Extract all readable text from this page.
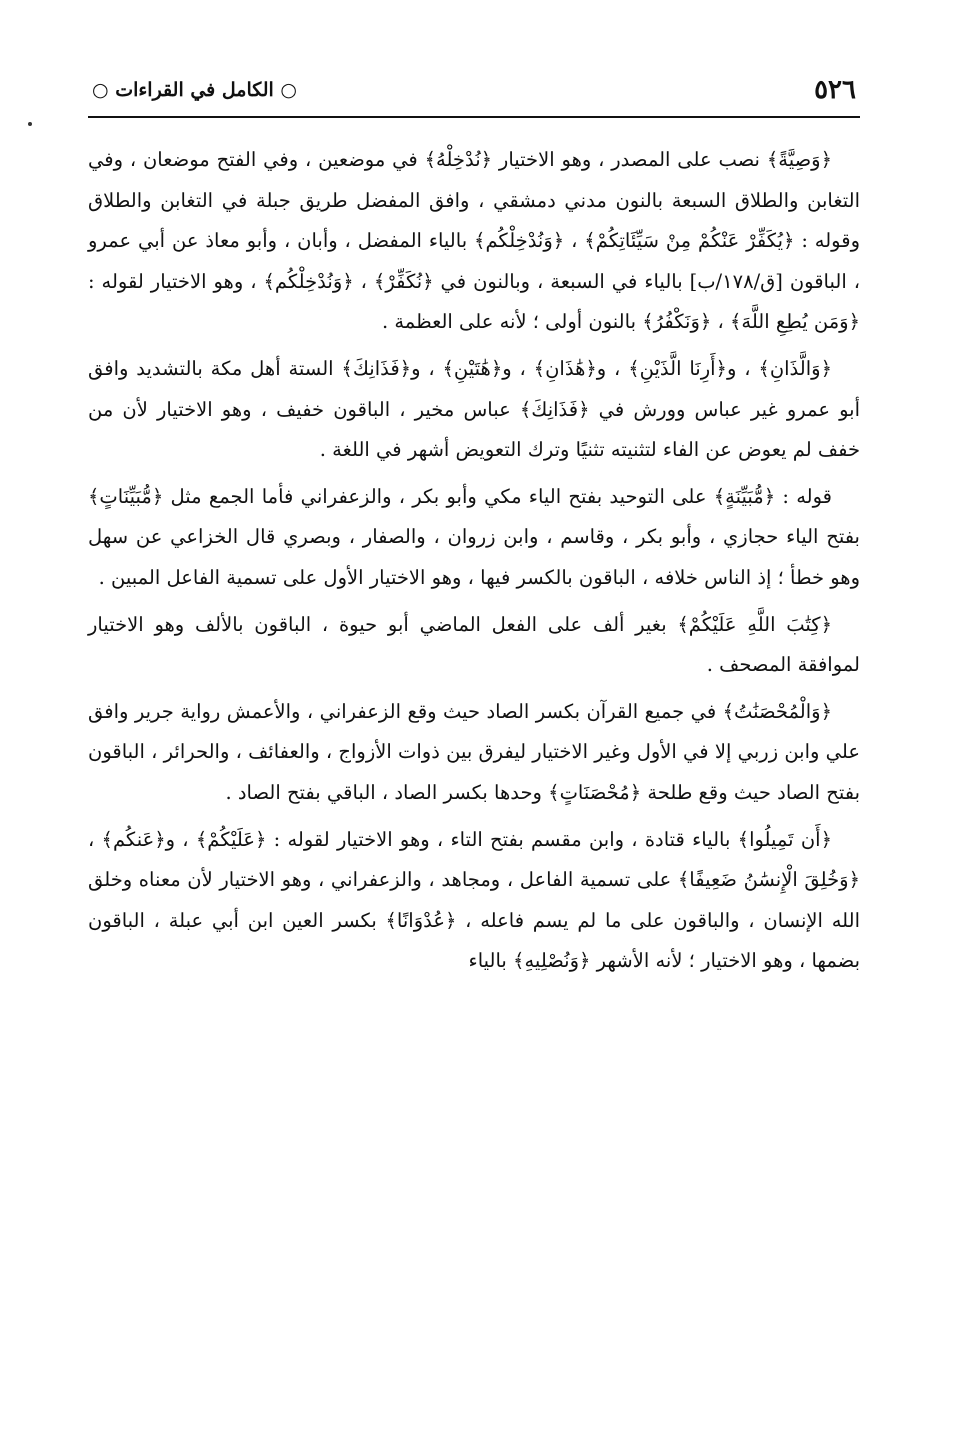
٥٢٦
○ الكامل في القراءات ○

﴿وَصِيَّةً﴾ نصب على المصدر ، وهو الاختيار ﴿نُدْخِلْهُ﴾ في موضعين ، وفي الفتح موضعان ، وفي التغابن والطلاق السبعة بالنون مدني دمشقي ، وافق المفضل طريق جبلة في التغابن والطلاق وقوله : ﴿يُكَفِّرْ عَنْكُمْ مِنْ سَيِّئَاتِكُمْ﴾ ، ﴿وَنُدْخِلْكُم﴾ بالياء المفضل ، وأبان ، وأبو معاذ عن أبي عمرو ، الباقون [ق/١٧٨/ب] بالياء في السبعة ، وبالنون في ﴿نُكَفِّرْ﴾ ، ﴿وَنُدْخِلْكُم﴾ ، وهو الاختيار لقوله : ﴿وَمَن يُطِعِ اللَّهَ﴾ ، ﴿وَنَكْفُرُ﴾ بالنون أولى ؛ لأنه على العظمة .

﴿وَالَّذَانِ﴾ ، و﴿أَرِنَا الَّذَيْنِ﴾ ، و﴿هَٰذَانِ﴾ ، و﴿هَٰتَيْنِ﴾ ، و﴿فَذَانِكَ﴾ الستة أهل مكة بالتشديد وافق أبو عمرو غير عباس وورش في ﴿فَذَانِكَ﴾ عباس مخير ، الباقون خفيف ، وهو الاختيار لأن من خفف لم يعوض عن الفاء لتثنيته تثنيًا وترك التعويض أشهر في اللغة .

قوله : ﴿مُّبَيِّنَةٍ﴾ على التوحيد بفتح الياء مكي وأبو بكر ، والزعفراني فأما الجمع مثل ﴿مُّبَيِّنَاتٍ﴾ بفتح الياء حجازي ، وأبو بكر ، وقاسم ، وابن زروان ، والصفار ، وبصري قال الخزاعي عن سهل وهو خطأ ؛ إذ الناس خلافه ، الباقون بالكسر فيها ، وهو الاختيار الأول على تسمية الفاعل المبين .

﴿كِتَٰبَ اللَّهِ عَلَيْكُمْ﴾ بغير ألف على الفعل الماضي أبو حيوة ، الباقون بالألف وهو الاختيار لموافقة المصحف .

﴿وَالْمُحْصَنَٰتُ﴾ في جميع القرآن بكسر الصاد حيث وقع الزعفراني ، والأعمش رواية جرير وافق علي وابن زربي إلا في الأول وغير الاختيار ليفرق بين ذوات الأزواج ، والعفائف ، والحرائر ، الباقون بفتح الصاد حيث وقع طلحة ﴿مُحْصَنَاتٍ﴾ وحدها بكسر الصاد ، الباقي بفتح الصاد .

﴿أَن تَمِيلُوا﴾ بالياء قتادة ، وابن مقسم بفتح التاء ، وهو الاختيار لقوله : ﴿عَلَيْكُمْ﴾ ، و﴿عَنكُم﴾ ، ﴿وَخُلِقَ الْإِنسَٰنُ ضَعِيفًا﴾ على تسمية الفاعل ، ومجاهد ، والزعفراني ، وهو الاختيار لأن معناه وخلق الله الإنسان ، والباقون على ما لم يسم فاعله ، ﴿عُدْوَانًا﴾ بكسر العين ابن أبي عبلة ، الباقون بضمها ، وهو الاختيار ؛ لأنه الأشهر ﴿وَنُصْلِيهِ﴾ بالياء
